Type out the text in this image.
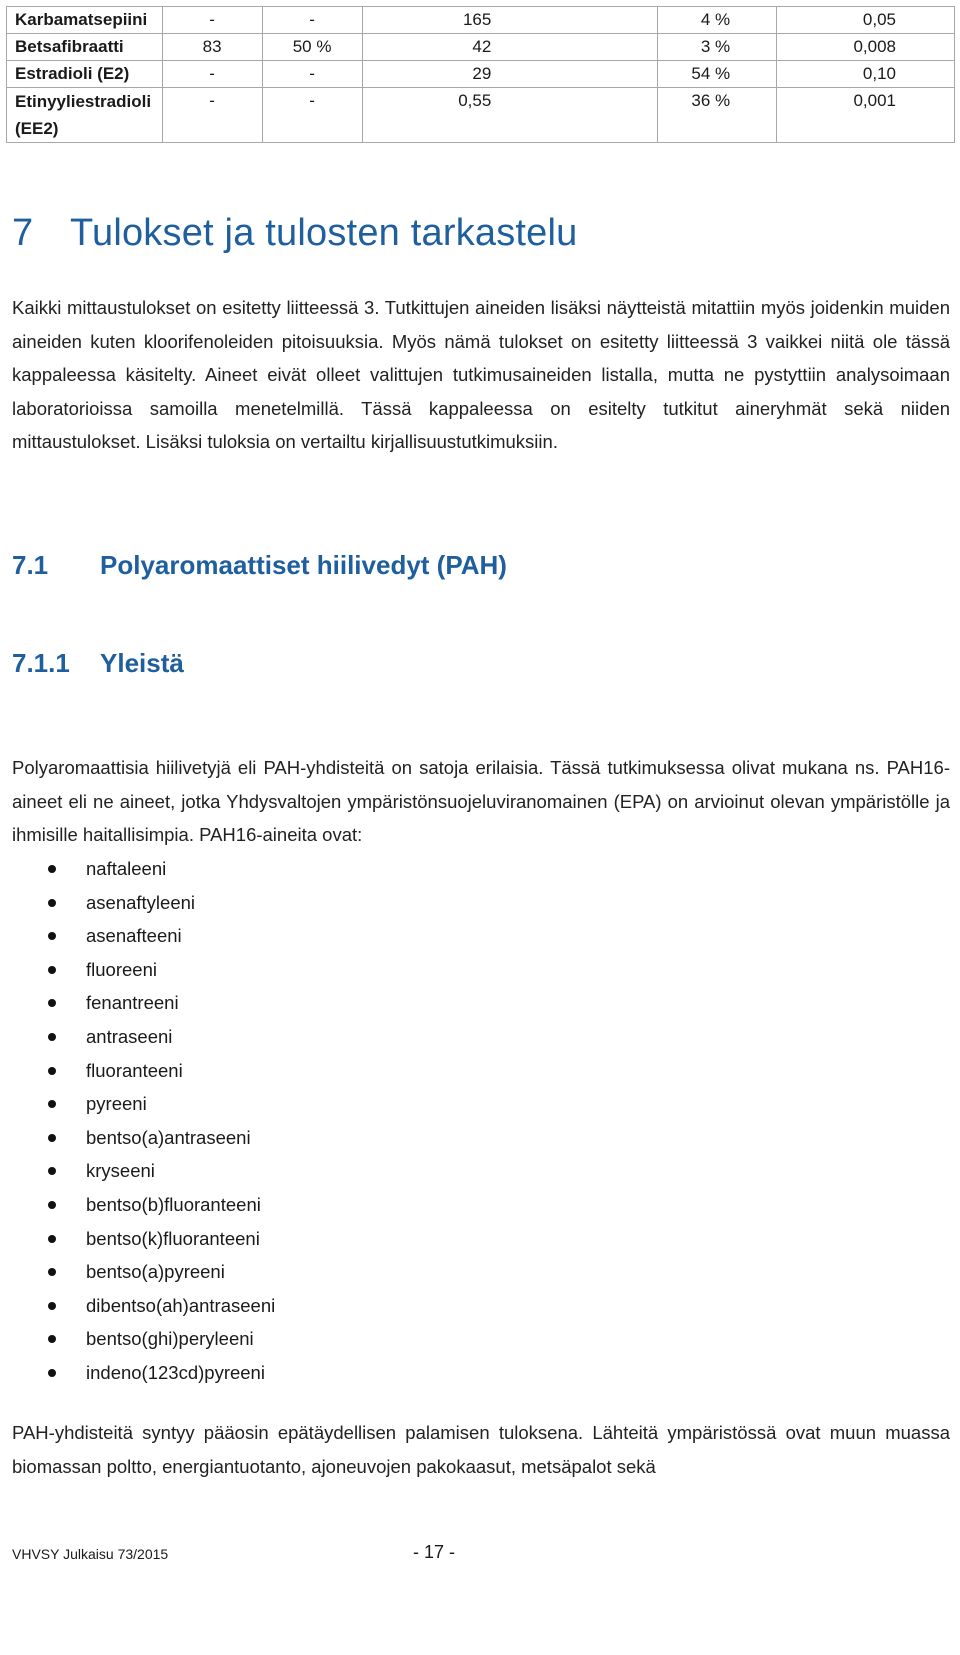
Karbamatsepiini	-	-	165	4 %	0,05
Betsafibraatti	83	50 %	42	3 %	0,008
Estradioli (E2)	-	-	29	54 %	0,10
Etinyyliestradioli (EE2)	-	-	0,55	36 %	0,001
7 Tulokset ja tulosten tarkastelu

Kaikki mittaustulokset on esitetty liitteessä 3. Tutkittujen aineiden lisäksi näytteistä mitattiin myös joidenkin muiden aineiden kuten kloorifenoleiden pitoisuuksia. Myös nämä tulokset on esitetty liitteessä 3 vaikkei niitä ole tässä kappaleessa käsitelty. Aineet eivät olleet valittujen tutkimusaineiden listalla, mutta ne pystyttiin analysoimaan laboratorioissa samoilla menetelmillä. Tässä kappaleessa on esitelty tutkitut aineryhmät sekä niiden mittaustulokset. Lisäksi tuloksia on vertailtu kirjallisuustutkimuksiin.

7.1 Polyaromaattiset hiilivedyt (PAH)
7.1.1 Yleistä

Polyaromaattisia hiilivetyjä eli PAH-yhdisteitä on satoja erilaisia. Tässä tutkimuksessa olivat mukana ns. PAH16-aineet eli ne aineet, jotka Yhdysvaltojen ympäristönsuojeluviranomainen (EPA) on arvioinut olevan ympäristölle ja ihmisille haitallisimpia. PAH16-aineita ovat:

naftaleeni
asenaftyleeni
asenafteeni
fluoreeni
fenantreeni
antraseeni
fluoranteeni
pyreeni
bentso(a)antraseeni
kryseeni
bentso(b)fluoranteeni
bentso(k)fluoranteeni
bentso(a)pyreeni
dibentso(ah)antraseeni
bentso(ghi)peryleeni
indeno(123cd)pyreeni

PAH-yhdisteitä syntyy pääosin epätäydellisen palamisen tuloksena. Lähteitä ympäristössä ovat muun muassa biomassan poltto, energiantuotanto, ajoneuvojen pakokaasut, metsäpalot sekä

VHVSY Julkaisu 73/2015	- 17 -
